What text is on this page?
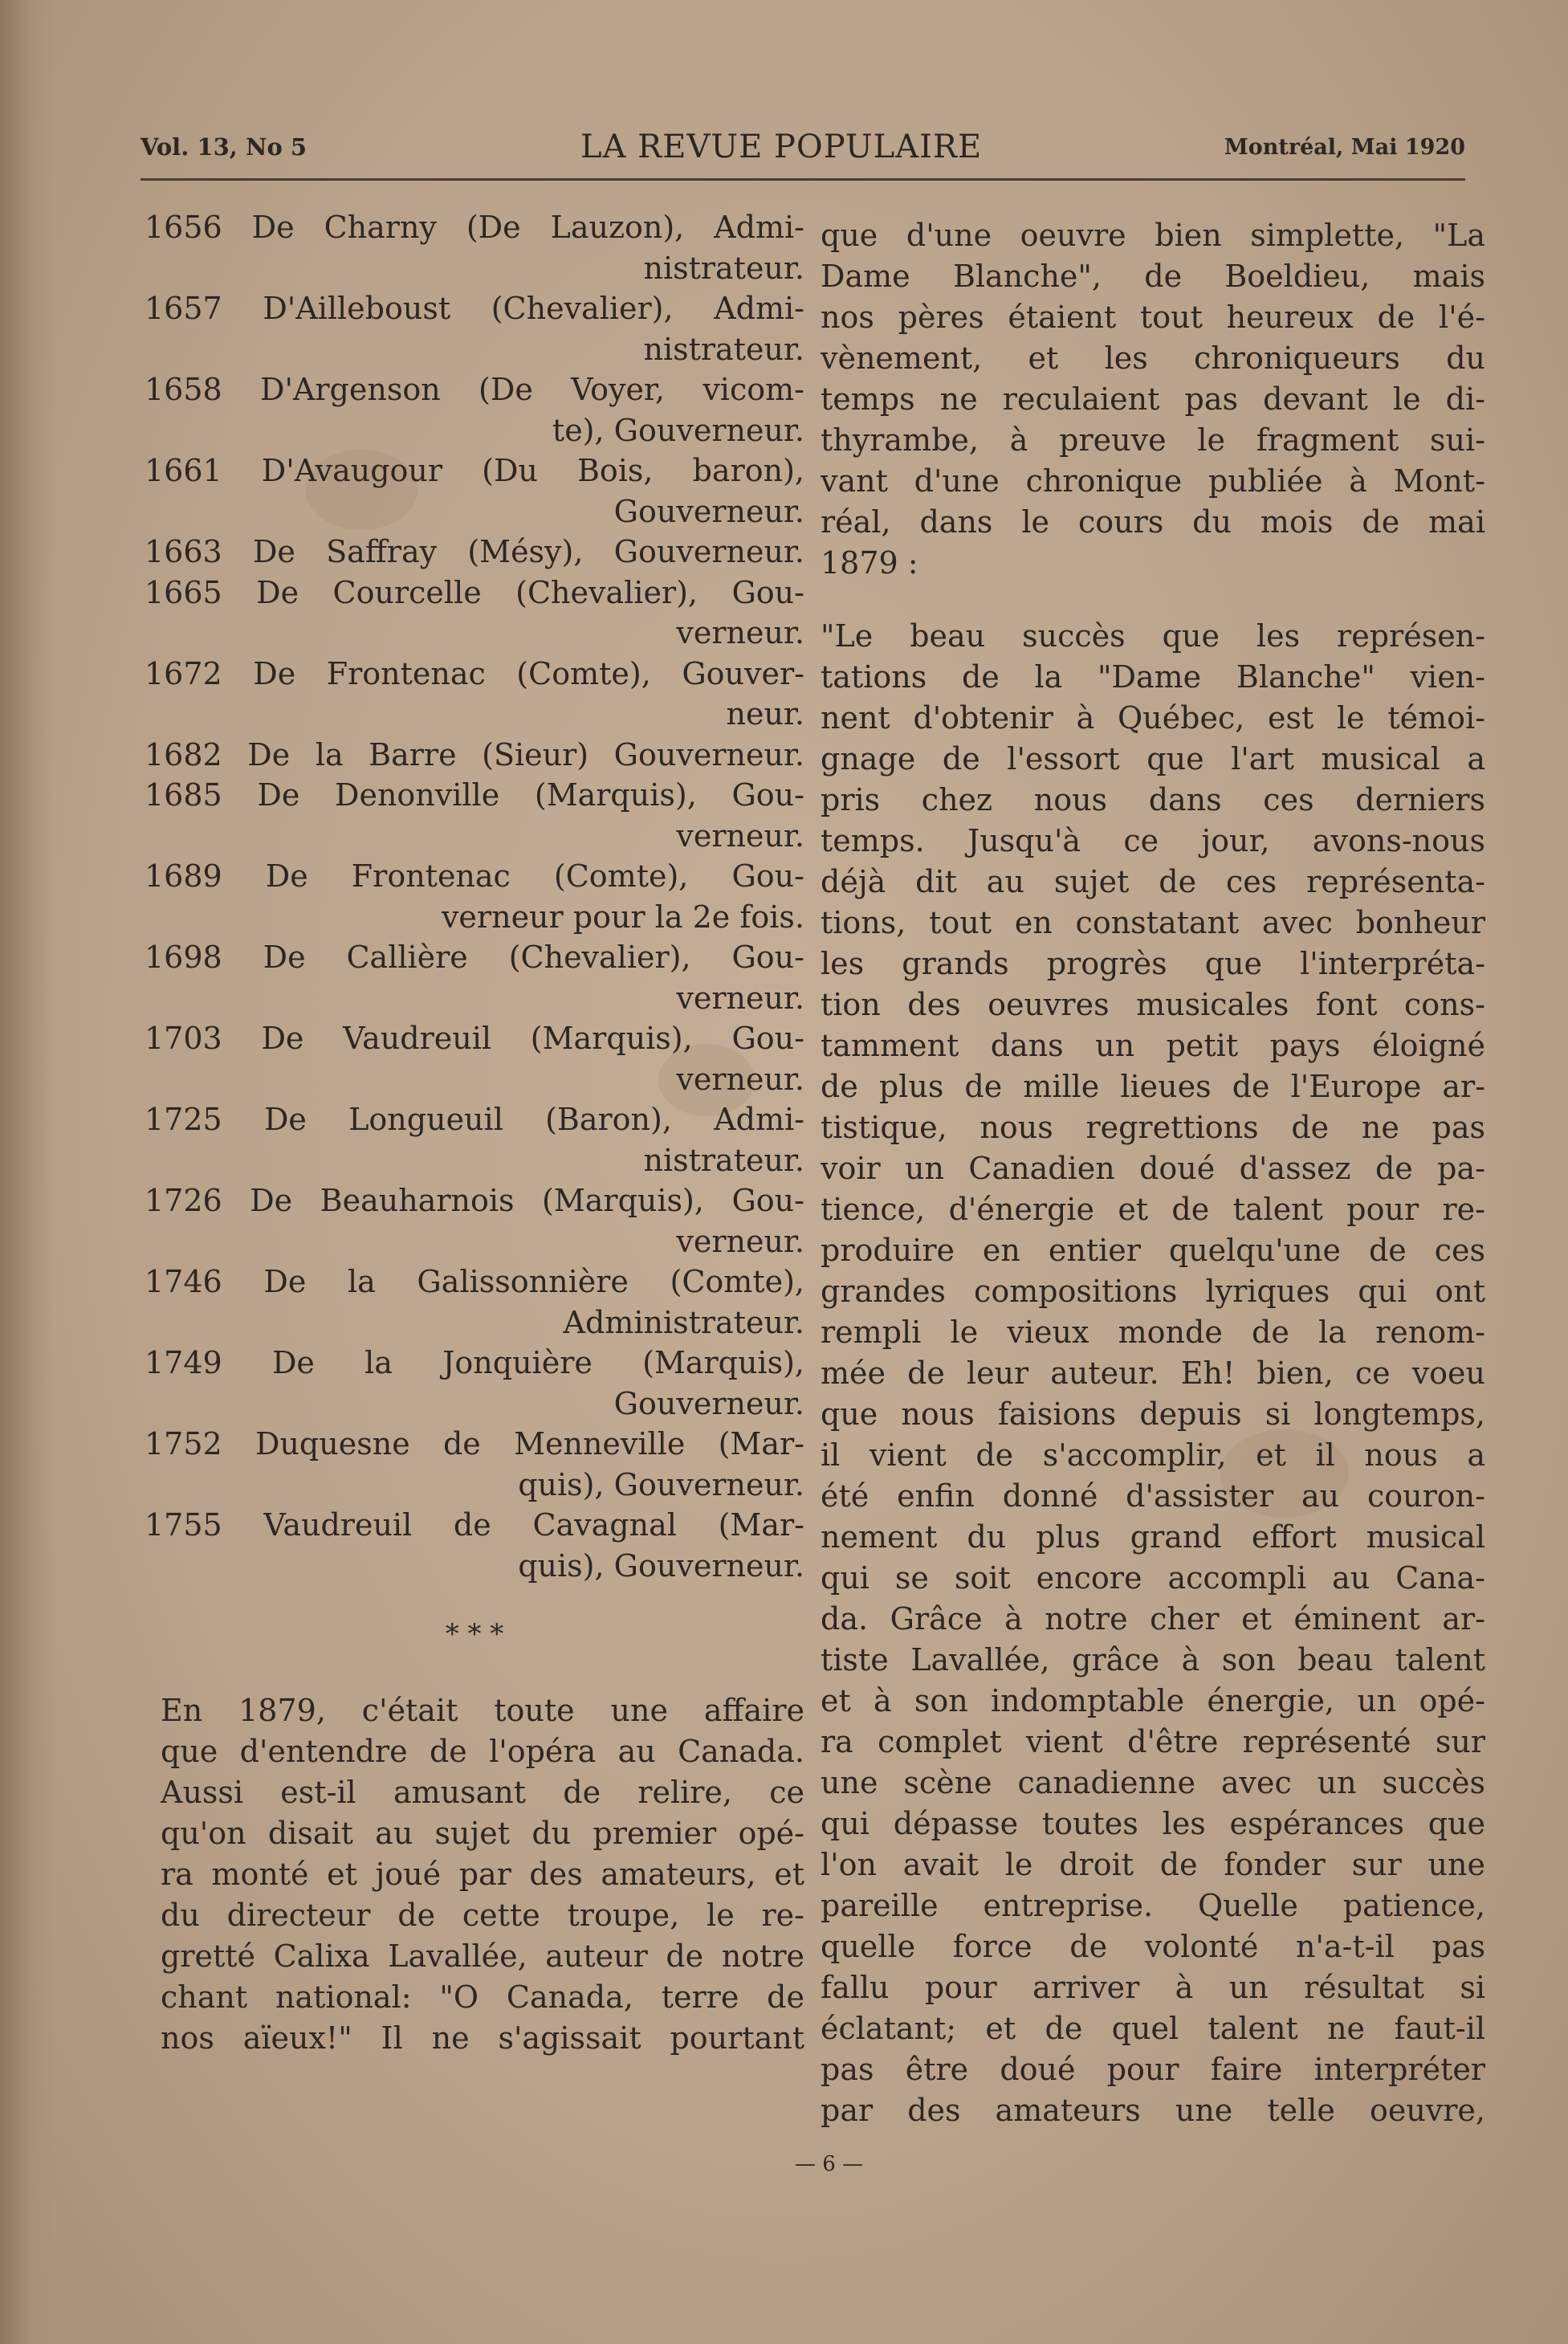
Vol. 13, No 5	LA REVUE POPULAIRE	Montréal, Mai 1920
1656 De Charny (De Lauzon), Admi-
nistrateur.
1657 D'Ailleboust (Chevalier), Admi-
nistrateur.
1658 D'Argenson (De Voyer, vicom-
te), Gouverneur.
1661 D'Avaugour (Du Bois, baron),
Gouverneur.
1663 De Saffray (Mésy), Gouverneur.
1665 De Courcelle (Chevalier), Gou-
verneur.
1672 De Frontenac (Comte), Gouver-
neur.
1682 De la Barre (Sieur) Gouverneur.
1685 De Denonville (Marquis), Gou-
verneur.
1689 De Frontenac (Comte), Gou-
verneur pour la 2e fois.
1698 De Callière (Chevalier), Gou-
verneur.
1703 De Vaudreuil (Marquis), Gou-
verneur.
1725 De Longueuil (Baron), Admi-
nistrateur.
1726 De Beauharnois (Marquis), Gou-
verneur.
1746 De la Galissonnière (Comte),
Administrateur.
1749 De la Jonquière (Marquis),
Gouverneur.
1752 Duquesne de Menneville (Mar-
quis), Gouverneur.
1755 Vaudreuil de Cavagnal (Mar-
quis), Gouverneur.
* * *
En 1879, c'était toute une affaire
que d'entendre de l'opéra au Canada.
Aussi est-il amusant de relire, ce
qu'on disait au sujet du premier opé-
ra monté et joué par des amateurs, et
du directeur de cette troupe, le re-
gretté Calixa Lavallée, auteur de notre
chant national: "O Canada, terre de
nos aïeux!" Il ne s'agissait pourtant
que d'une oeuvre bien simplette, "La
Dame Blanche", de Boeldieu, mais
nos pères étaient tout heureux de l'é-
vènement, et les chroniqueurs du
temps ne reculaient pas devant le di-
thyrambe, à preuve le fragment sui-
vant d'une chronique publiée à Mont-
réal, dans le cours du mois de mai
1879 :
"Le beau succès que les représen-
tations de la "Dame Blanche" vien-
nent d'obtenir à Québec, est le témoi-
gnage de l'essort que l'art musical a
pris chez nous dans ces derniers
temps. Jusqu'à ce jour, avons-nous
déjà dit au sujet de ces représenta-
tions, tout en constatant avec bonheur
les grands progrès que l'interpréta-
tion des oeuvres musicales font cons-
tamment dans un petit pays éloigné
de plus de mille lieues de l'Europe ar-
tistique, nous regrettions de ne pas
voir un Canadien doué d'assez de pa-
tience, d'énergie et de talent pour re-
produire en entier quelqu'une de ces
grandes compositions lyriques qui ont
rempli le vieux monde de la renom-
mée de leur auteur. Eh! bien, ce voeu
que nous faisions depuis si longtemps,
il vient de s'accomplir, et il nous a
été enfin donné d'assister au couron-
nement du plus grand effort musical
qui se soit encore accompli au Cana-
da. Grâce à notre cher et éminent ar-
tiste Lavallée, grâce à son beau talent
et à son indomptable énergie, un opé-
ra complet vient d'être représenté sur
une scène canadienne avec un succès
qui dépasse toutes les espérances que
l'on avait le droit de fonder sur une
pareille entreprise. Quelle patience,
quelle force de volonté n'a-t-il pas
fallu pour arriver à un résultat si
éclatant; et de quel talent ne faut-il
pas être doué pour faire interpréter
par des amateurs une telle oeuvre,
— 6 —
